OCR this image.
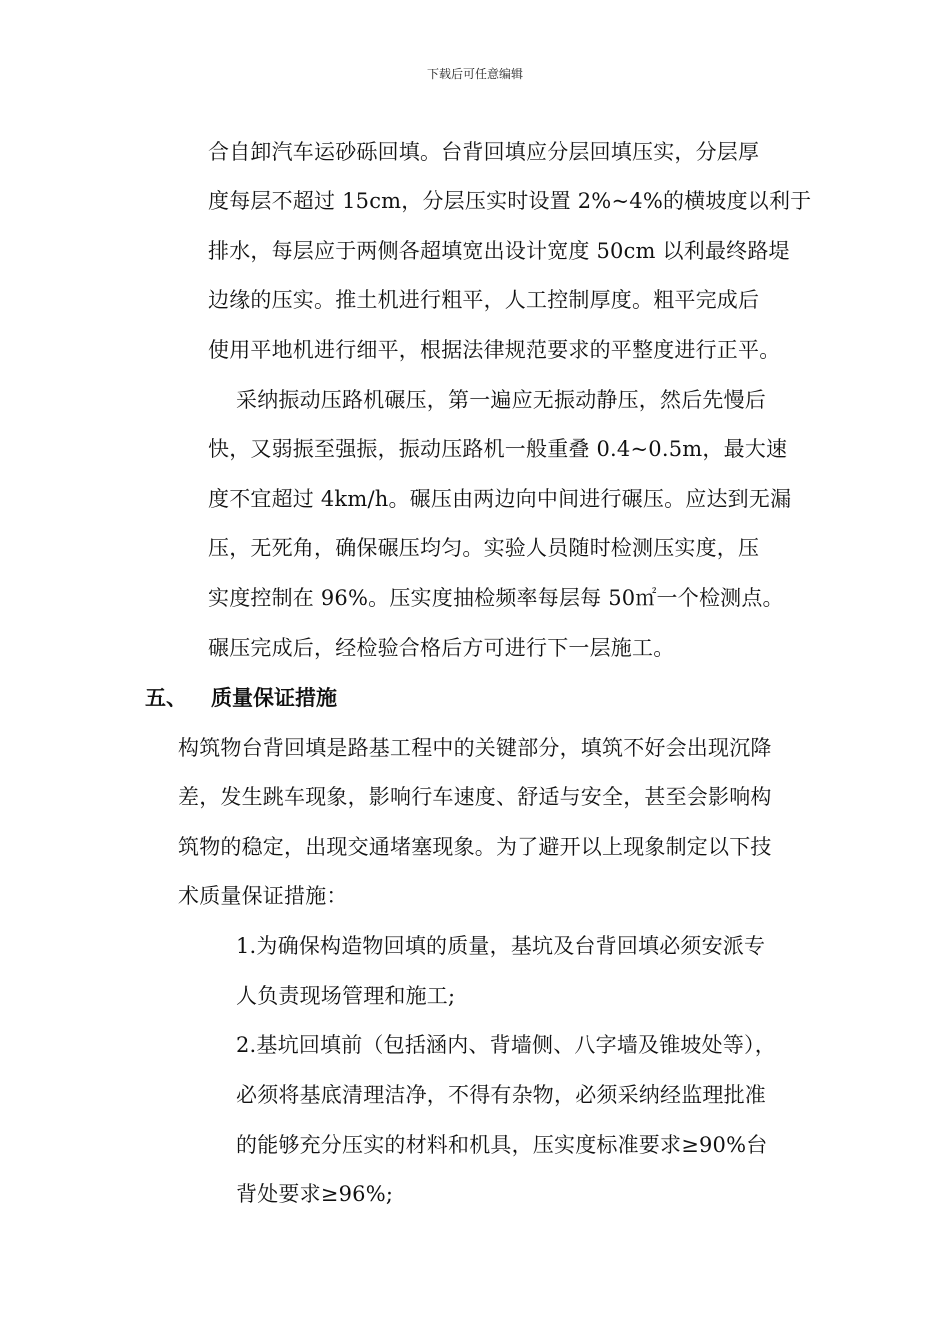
下载后可任意编辑
合自卸汽车运砂砾回填。台背回填应分层回填压实，分层厚
度每层不超过 15cm，分层压实时设置 2%~4%的横坡度以利于
排水，每层应于两侧各超填宽出设计宽度 50cm 以利最终路堤
边缘的压实。推土机进行粗平，人工控制厚度。粗平完成后
使用平地机进行细平，根据法律规范要求的平整度进行正平。
采纳振动压路机碾压，第一遍应无振动静压，然后先慢后
快，又弱振至强振，振动压路机一般重叠 0.4~0.5m，最大速
度不宜超过 4km/h。碾压由两边向中间进行碾压。应达到无漏
压，无死角，确保碾压均匀。实验人员随时检测压实度，压
实度控制在 96%。压实度抽检频率每层每 50㎡一个检测点。
碾压完成后，经检验合格后方可进行下一层施工。
五、 质量保证措施
构筑物台背回填是路基工程中的关键部分，填筑不好会出现沉降
差，发生跳车现象，影响行车速度、舒适与安全，甚至会影响构
筑物的稳定，出现交通堵塞现象。为了避开以上现象制定以下技
术质量保证措施：
1.为确保构造物回填的质量，基坑及台背回填必须安派专
人负责现场管理和施工;
2.基坑回填前（包括涵内、背墙侧、八字墙及锥坡处等），
必须将基底清理洁净，不得有杂物，必须采纳经监理批准
的能够充分压实的材料和机具，压实度标准要求≥90%台
背处要求≥96%;
